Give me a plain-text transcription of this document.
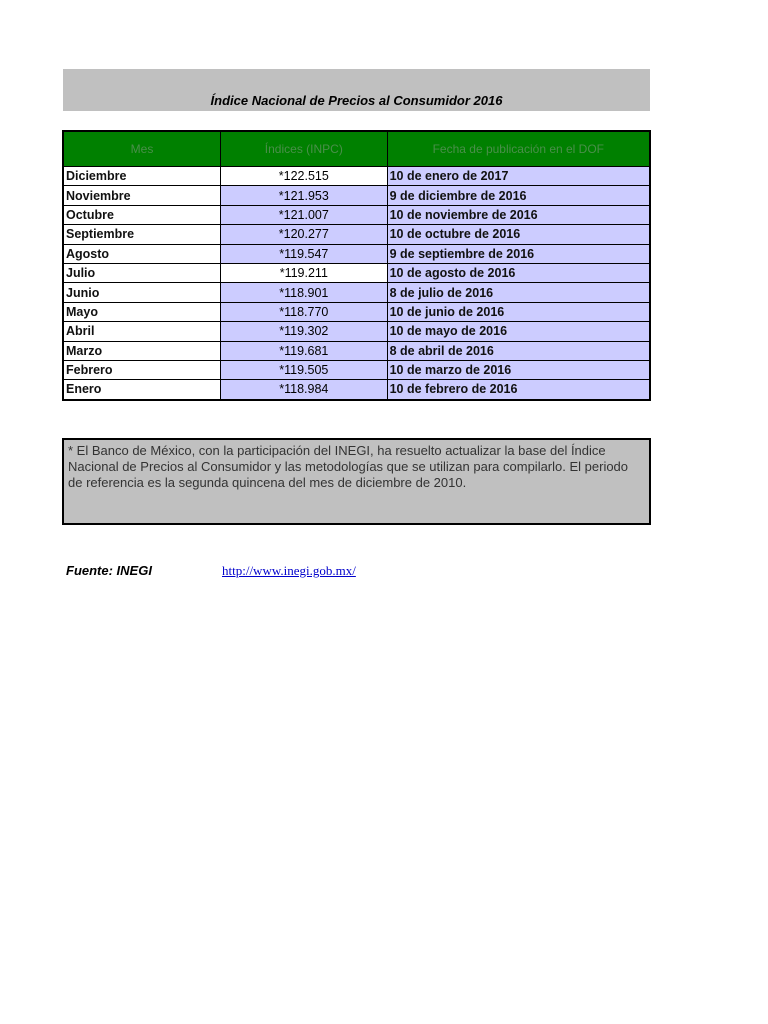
Índice Nacional de Precios al Consumidor 2016
Mes	Índices (INPC)	Fecha de publicación en el DOF
Diciembre	*122.515	10 de enero de 2017
Noviembre	*121.953	9 de diciembre de 2016
Octubre	*121.007	10 de noviembre de 2016
Septiembre	*120.277	10 de octubre de 2016
Agosto	*119.547	9 de septiembre de 2016
Julio	*119.211	10 de agosto de 2016
Junio	*118.901	8 de julio de 2016
Mayo	*118.770	10 de junio de 2016
Abril	*119.302	10 de mayo de 2016
Marzo	*119.681	8 de abril de 2016
Febrero	*119.505	10 de marzo de 2016
Enero	*118.984	10 de febrero de 2016
* El Banco de México, con la participación del INEGI, ha resuelto actualizar la base del Índice Nacional de Precios al Consumidor y las metodologías que se utilizan para compilarlo. El periodo de referencia es la segunda quincena del mes de diciembre de 2010.
Fuente: INEGI	http://www.inegi.gob.mx/
